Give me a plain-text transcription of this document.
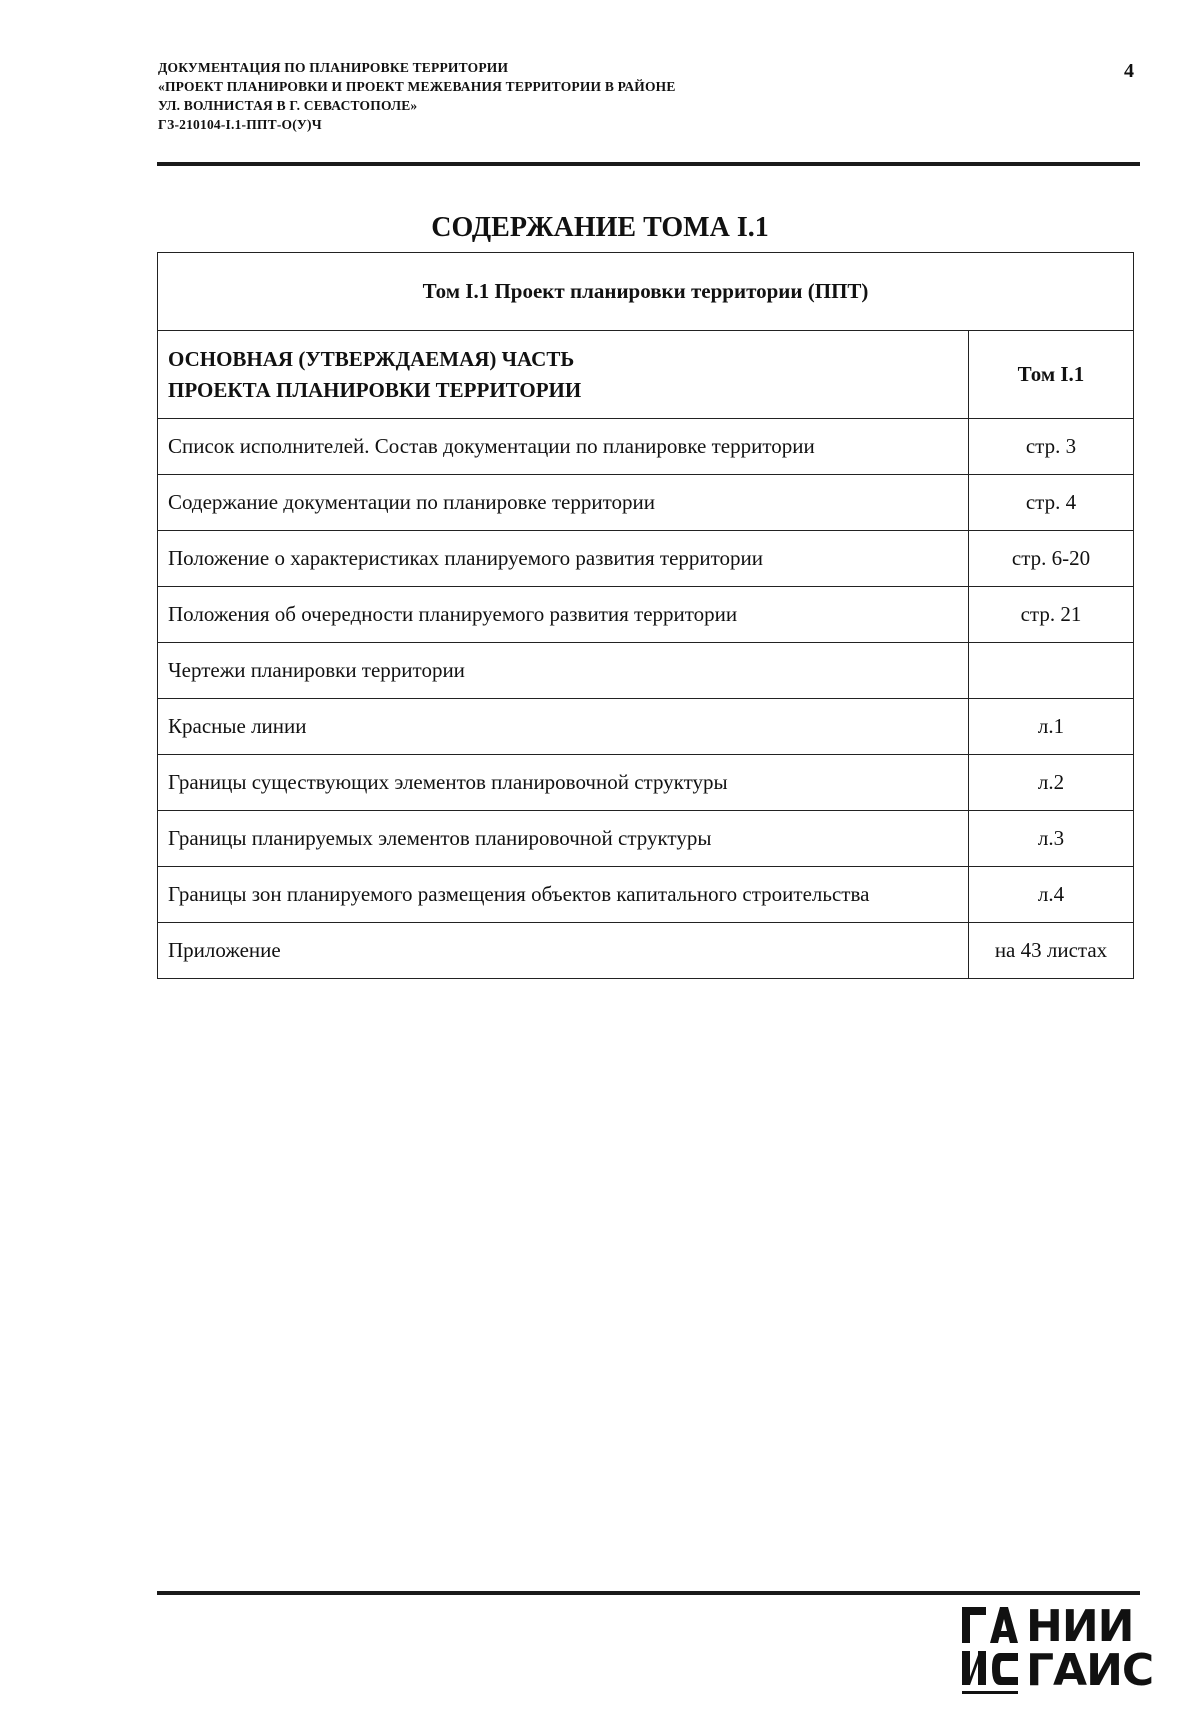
ДОКУМЕНТАЦИЯ ПО ПЛАНИРОВКЕ ТЕРРИТОРИИ
«ПРОЕКТ ПЛАНИРОВКИ И ПРОЕКТ МЕЖЕВАНИЯ ТЕРРИТОРИИ В РАЙОНЕ
УЛ. ВОЛНИСТАЯ В Г. СЕВАСТОПОЛЕ»
ГЗ-210104-I.1-ППТ-О(У)Ч
4
СОДЕРЖАНИЕ ТОМА I.1
Том I.1 Проект планировки территории (ППТ)	

ОСНОВНАЯ (УТВЕРЖДАЕМАЯ) ЧАСТЬ
ПРОЕКТА ПЛАНИРОВКИ ТЕРРИТОРИИ	Том I.1
Список исполнителей. Состав документации по планировке территории	стр. 3
Содержание документации по планировке территории	стр. 4
Положение о характеристиках планируемого развития территории	стр. 6-20
Положения об очередности планируемого развития территории	стр. 21
Чертежи планировки территории	
Красные линии	л.1
Границы существующих элементов планировочной структуры	л.2
Границы планируемых элементов планировочной структуры	л.3
Границы зон планируемого размещения объектов капитального строительства	л.4
Приложение	на 43 листах
НИИ
ГАИС
